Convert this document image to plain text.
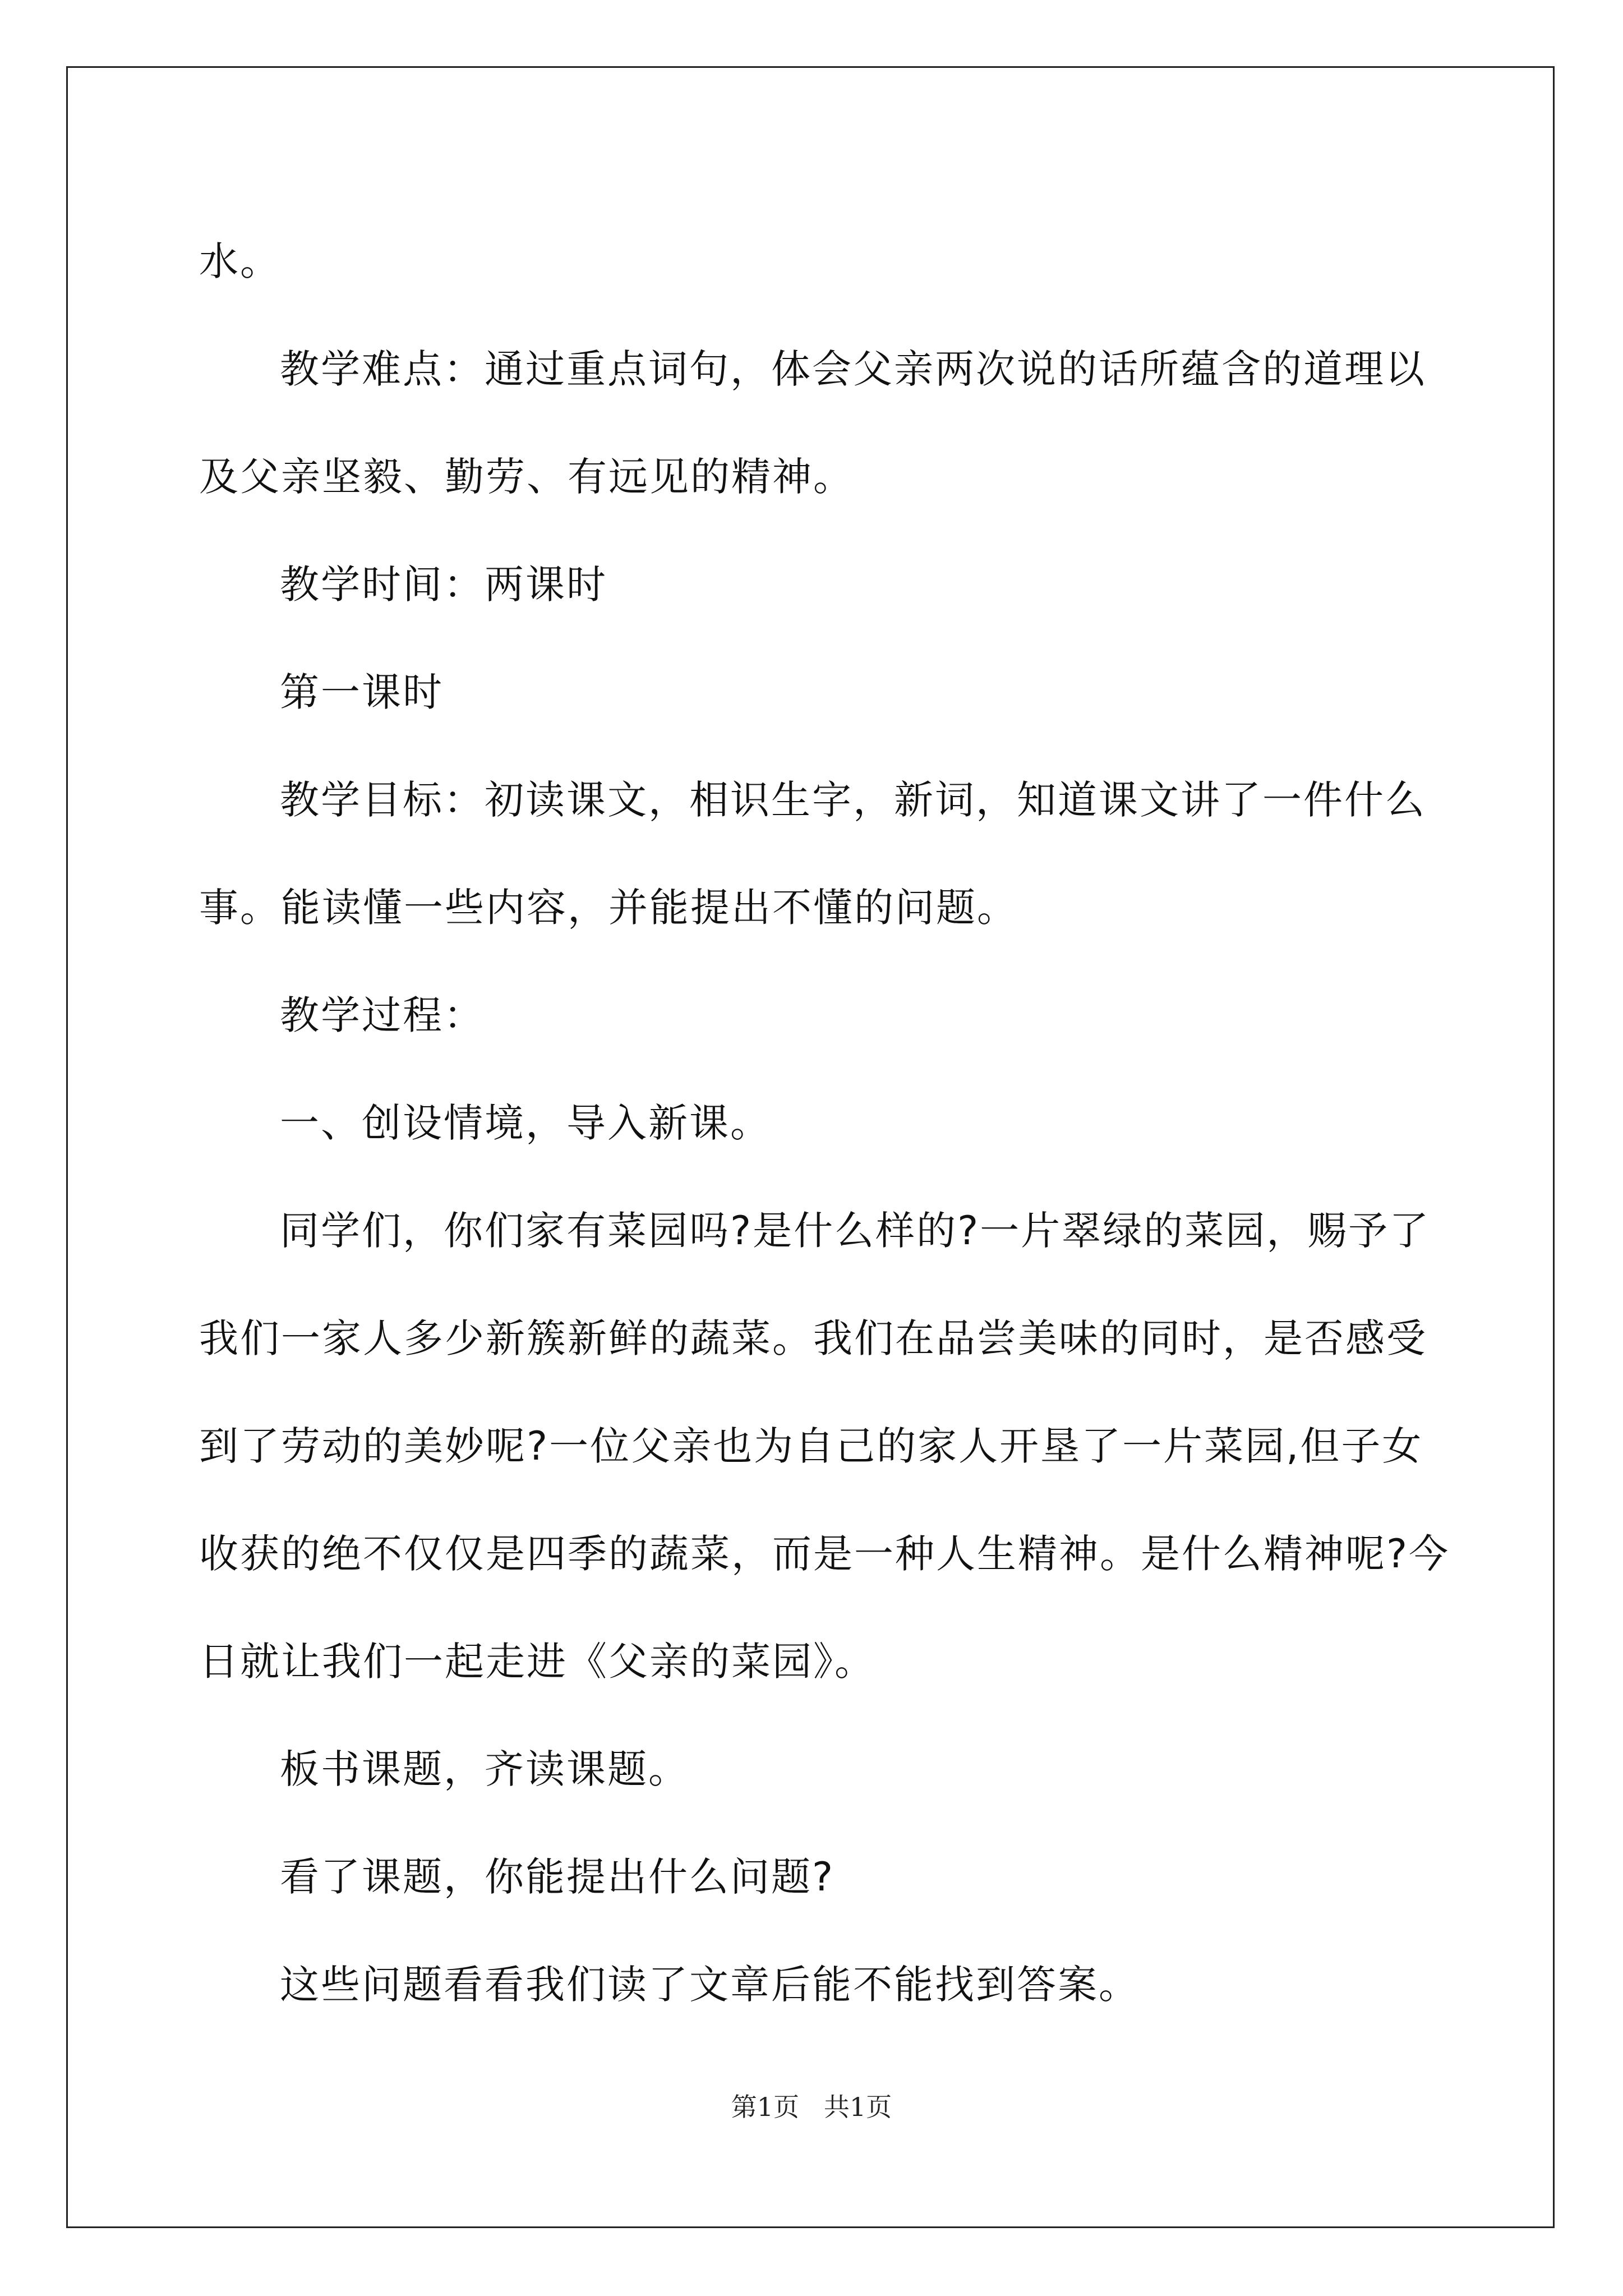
水。

教学难点：通过重点词句，体会父亲两次说的话所蕴含的道理以

及父亲坚毅、勤劳、有远见的精神。

教学时间：两课时

第一课时

教学目标：初读课文，相识生字，新词，知道课文讲了一件什么

事。能读懂一些内容，并能提出不懂的问题。

教学过程：

一、创设情境，导入新课。

同学们，你们家有菜园吗?是什么样的?一片翠绿的菜园，赐予了

我们一家人多少新簇新鲜的蔬菜。我们在品尝美味的同时，是否感受

到了劳动的美妙呢?一位父亲也为自己的家人开垦了一片菜园,但子女

收获的绝不仅仅是四季的蔬菜，而是一种人生精神。是什么精神呢?今

日就让我们一起走进《父亲的菜园》。

板书课题，齐读课题。

看了课题，你能提出什么问题?

这些问题看看我们读了文章后能不能找到答案。

第1页   共1页
